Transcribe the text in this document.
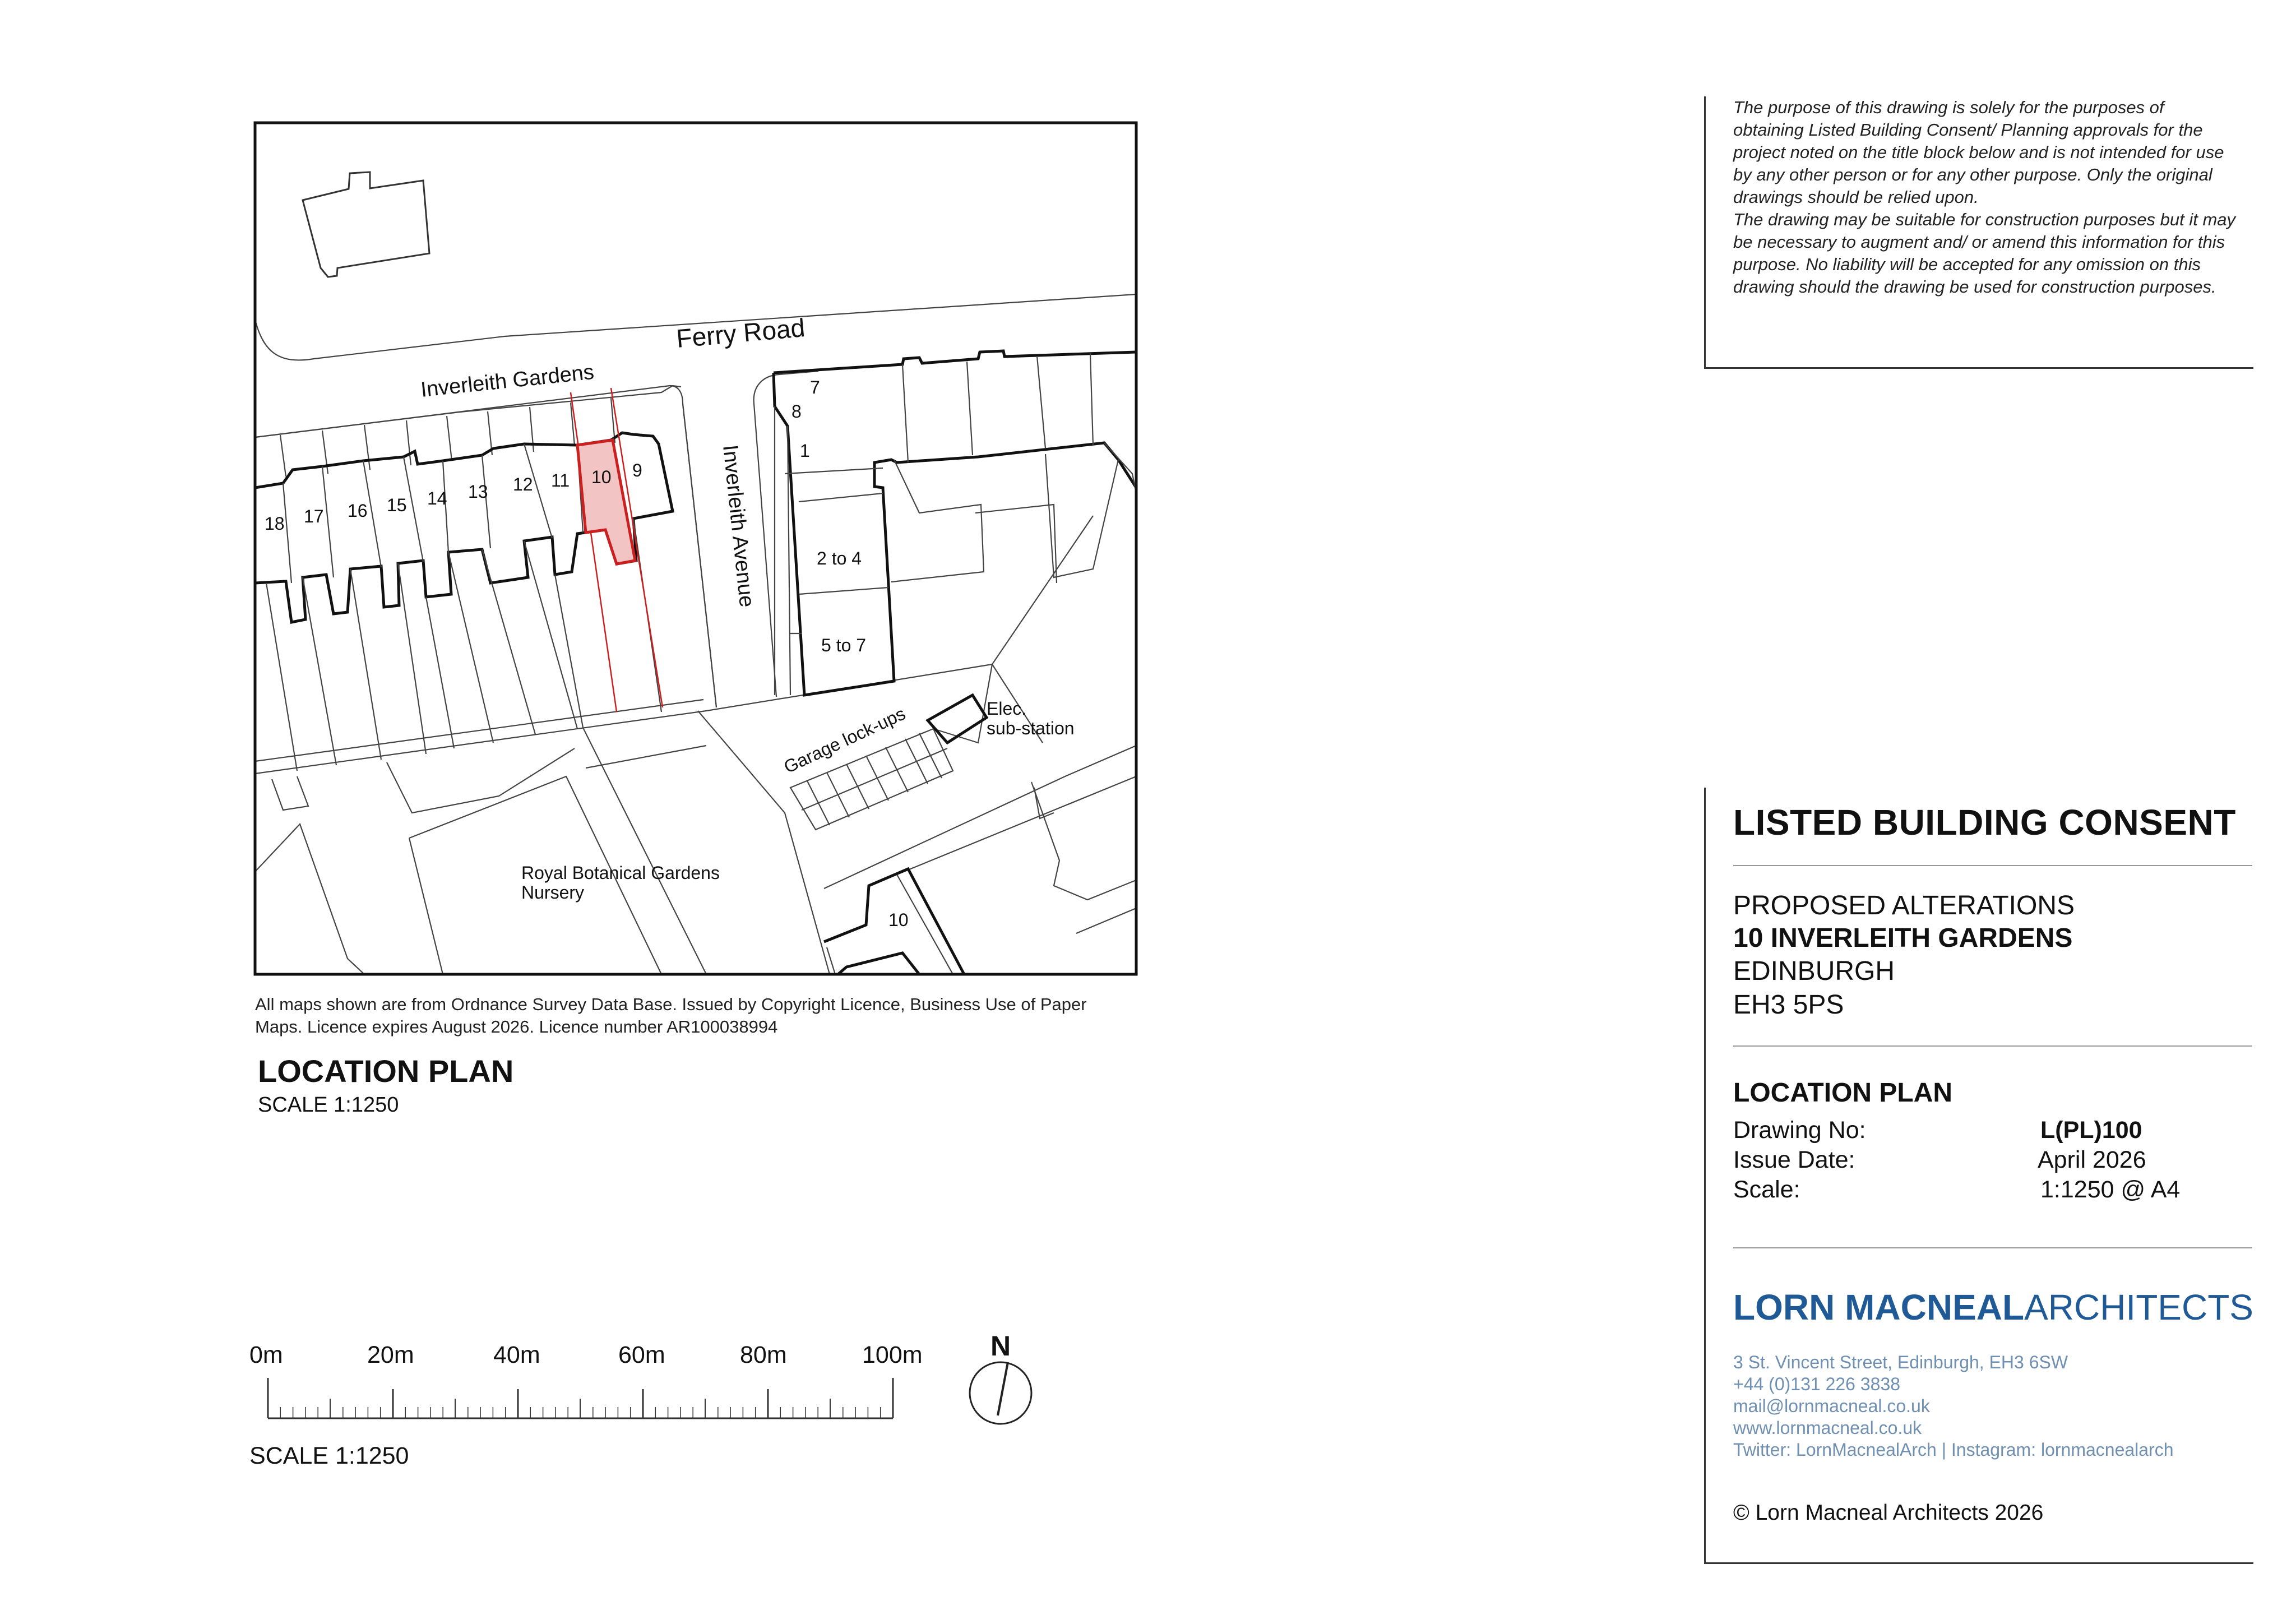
The purpose of this drawing is solely for the purposes of obtaining Listed Building Consent/ Planning approvals for the project noted on the title block below and is not intended for use by any other person or for any other purpose. Only the original drawings should be relied upon.
The drawing may be suitable for construction purposes but it may be necessary to augment and/ or amend this information for this purpose. No liability will be accepted for any omission on this drawing should the drawing be used for construction purposes.
18 17 16 15 14 13 12 11 10 9
7
8
1
2 to 4
5 to 7
10
Elec.
sub-station
Royal Botanical Gardens
Nursery
Ferry Road
Inverleith Gardens
Inverleith Avenue
Garage lock-ups
N
0m	20m	40m	60m	80m	100m
SCALE 1:1250
All maps shown are from Ordnance Survey Data Base. Issued by Copyright Licence, Business Use of Paper Maps. Licence expires August 2026. Licence number AR100038994
LOCATION PLAN
SCALE 1:1250
LISTED BUILDING CONSENT
PROPOSED ALTERATIONS
10 INVERLEITH GARDENS
EDINBURGH
EH3 5PS
LOCATION PLAN
Drawing No:	L(PL)100
Issue Date:	April 2026
Scale:	1:1250 @ A4
LORN MACNEALARCHITECTS
3 St. Vincent Street, Edinburgh, EH3 6SW
+44 (0)131 226 3838
mail@lornmacneal.co.uk
www.lornmacneal.co.uk
Twitter: LornMacnealArch | Instagram: lornmacnealarch
© Lorn Macneal Architects 2026
